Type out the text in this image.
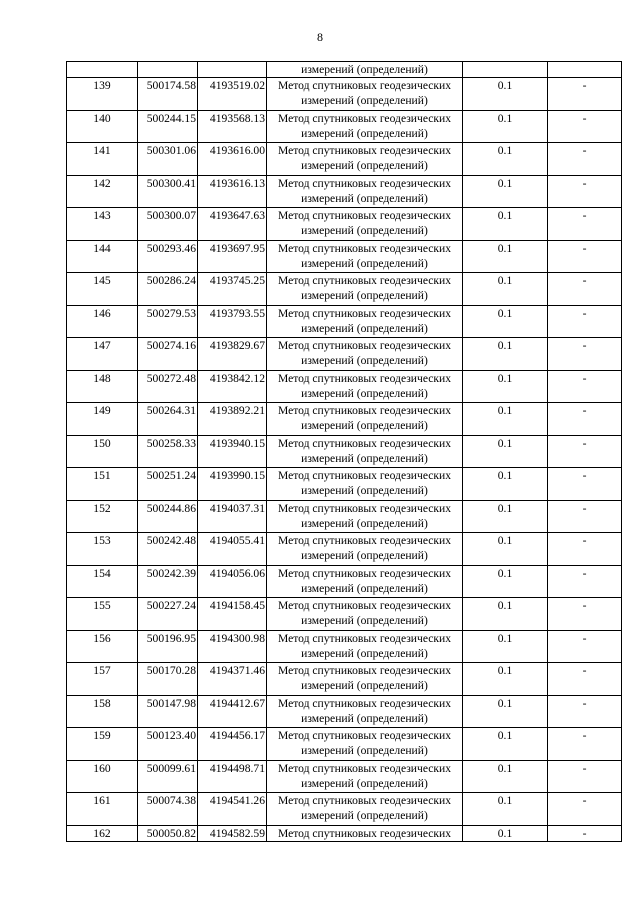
8
			измерений (определений)		
139	500174.58	4193519.02	Метод спутниковых геодезических
измерений (определений)	0.1	-
140	500244.15	4193568.13	Метод спутниковых геодезических
измерений (определений)	0.1	-
141	500301.06	4193616.00	Метод спутниковых геодезических
измерений (определений)	0.1	-
142	500300.41	4193616.13	Метод спутниковых геодезических
измерений (определений)	0.1	-
143	500300.07	4193647.63	Метод спутниковых геодезических
измерений (определений)	0.1	-
144	500293.46	4193697.95	Метод спутниковых геодезических
измерений (определений)	0.1	-
145	500286.24	4193745.25	Метод спутниковых геодезических
измерений (определений)	0.1	-
146	500279.53	4193793.55	Метод спутниковых геодезических
измерений (определений)	0.1	-
147	500274.16	4193829.67	Метод спутниковых геодезических
измерений (определений)	0.1	-
148	500272.48	4193842.12	Метод спутниковых геодезических
измерений (определений)	0.1	-
149	500264.31	4193892.21	Метод спутниковых геодезических
измерений (определений)	0.1	-
150	500258.33	4193940.15	Метод спутниковых геодезических
измерений (определений)	0.1	-
151	500251.24	4193990.15	Метод спутниковых геодезических
измерений (определений)	0.1	-
152	500244.86	4194037.31	Метод спутниковых геодезических
измерений (определений)	0.1	-
153	500242.48	4194055.41	Метод спутниковых геодезических
измерений (определений)	0.1	-
154	500242.39	4194056.06	Метод спутниковых геодезических
измерений (определений)	0.1	-
155	500227.24	4194158.45	Метод спутниковых геодезических
измерений (определений)	0.1	-
156	500196.95	4194300.98	Метод спутниковых геодезических
измерений (определений)	0.1	-
157	500170.28	4194371.46	Метод спутниковых геодезических
измерений (определений)	0.1	-
158	500147.98	4194412.67	Метод спутниковых геодезических
измерений (определений)	0.1	-
159	500123.40	4194456.17	Метод спутниковых геодезических
измерений (определений)	0.1	-
160	500099.61	4194498.71	Метод спутниковых геодезических
измерений (определений)	0.1	-
161	500074.38	4194541.26	Метод спутниковых геодезических
измерений (определений)	0.1	-
162	500050.82	4194582.59	Метод спутниковых геодезических	0.1	-
